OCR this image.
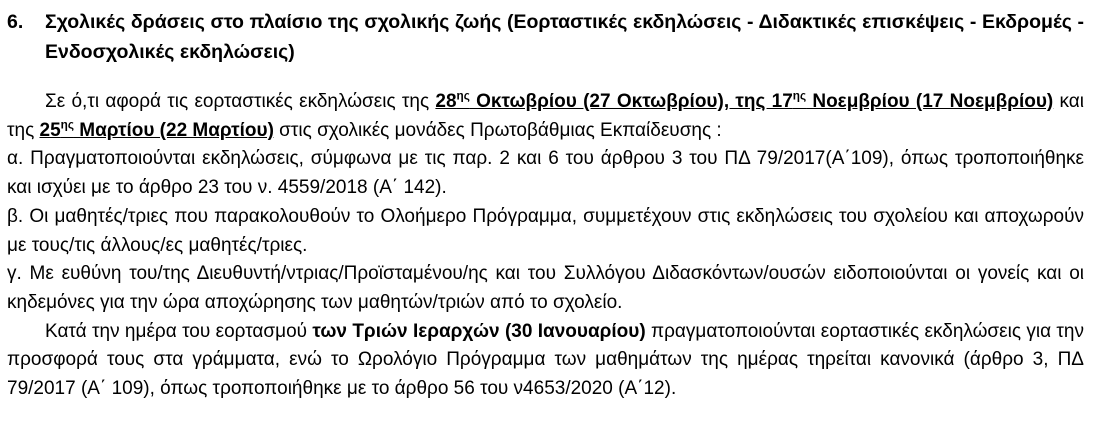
6.	Σχολικές δράσεις στο πλαίσιο της σχολικής ζωής (Εορταστικές εκδηλώσεις - Διδακτικές επισκέψεις - Εκδρομές - Ενδοσχολικές εκδηλώσεις)

Σε ό,τι αφορά τις εορταστικές εκδηλώσεις της $28^{\eta\varsigma}$ Οκτωβρίου (27 Οκτωβρίου), της $17^{\eta\varsigma}$ Νοεμβρίου (17 Νοεμβρίου) και της $25^{\eta\varsigma}$ Μαρτίου (22 Μαρτίου) στις σχολικές μονάδες Πρωτοβάθμιας Εκπαίδευσης :

α. Πραγματοποιούνται εκδηλώσεις, σύμφωνα με τις παρ. 2 και 6 του άρθρου 3 του ΠΔ 79/2017(Α΄109), όπως τροποποιήθηκε και ισχύει με το άρθρο 23 του ν. 4559/2018 (Α΄ 142).

β. Οι μαθητές/τριες που παρακολουθούν το Ολοήμερο Πρόγραμμα, συμμετέχουν στις εκδηλώσεις του σχολείου και αποχωρούν με τους/τις άλλους/ες μαθητές/τριες.

γ. Με ευθύνη του/της Διευθυντή/ντριας/Προϊσταμένου/ης και του Συλλόγου Διδασκόντων/ουσών ειδοποιούνται οι γονείς και οι κηδεμόνες για την ώρα αποχώρησης των μαθητών/τριών από το σχολείο.

Κατά την ημέρα του εορτασμού των Τριών Ιεραρχών (30 Ιανουαρίου) πραγματοποιούνται εορταστικές εκδηλώσεις για την προσφορά τους στα γράμματα, ενώ το Ωρολόγιο Πρόγραμμα των μαθημάτων της ημέρας τηρείται κανονικά (άρθρο 3, ΠΔ 79/2017 (Α΄ 109), όπως τροποποιήθηκε με το άρθρο 56 του ν4653/2020 (Α΄12).
